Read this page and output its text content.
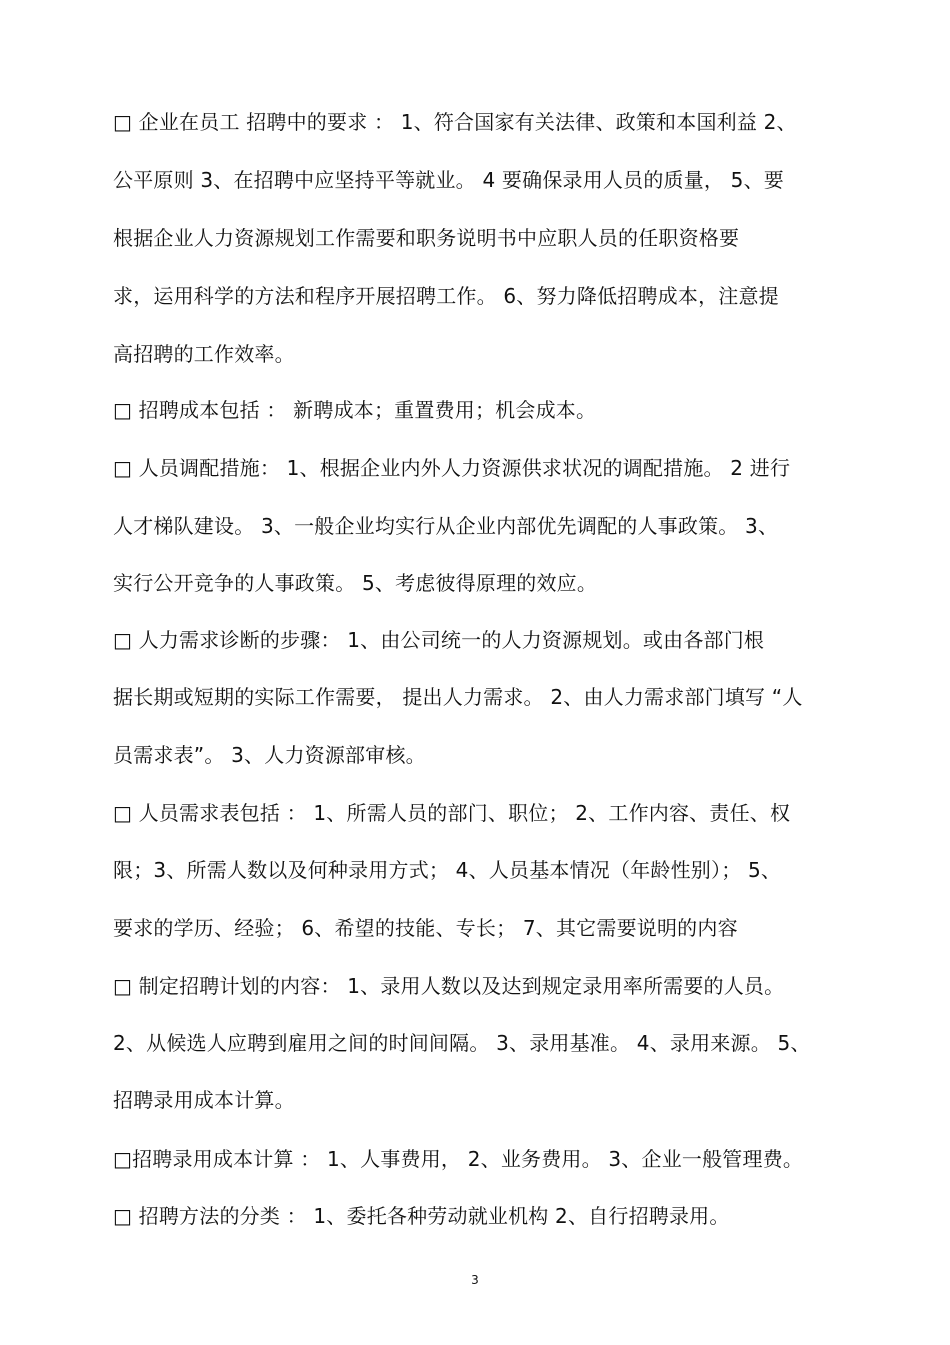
□ 企业在员工 招聘中的要求 ： 1、符合国家有关法律、政策和本国利益 2、
公平原则 3、在招聘中应坚持平等就业。 4 要确保录用人员的质量， 5、要
根据企业人力资源规划工作需要和职务说明书中应职人员的任职资格要
求，运用科学的方法和程序开展招聘工作。 6、努力降低招聘成本，注意提
高招聘的工作效率。
□ 招聘成本包括 ： 新聘成本；重置费用；机会成本。
□ 人员调配措施： 1、根据企业内外人力资源供求状况的调配措施。 2 进行
人才梯队建设。 3、一般企业均实行从企业内部优先调配的人事政策。 3、
实行公开竞争的人事政策。 5、考虑彼得原理的效应。
□ 人力需求诊断的步骤： 1、由公司统一的人力资源规划。或由各部门根
据长期或短期的实际工作需要， 提出人力需求。 2、由人力需求部门填写 “人
员需求表”。 3、人力资源部审核。
□ 人员需求表包括 ： 1、所需人员的部门、职位； 2、工作内容、责任、权
限；3、所需人数以及何种录用方式； 4、人员基本情况（年龄性别）； 5、
要求的学历、经验； 6、希望的技能、专长； 7、其它需要说明的内容
□ 制定招聘计划的内容： 1、录用人数以及达到规定录用率所需要的人员。
2、从候选人应聘到雇用之间的时间间隔。 3、录用基准。 4、录用来源。 5、
招聘录用成本计算。
□招聘录用成本计算 ： 1、人事费用， 2、业务费用。 3、企业一般管理费。
□ 招聘方法的分类 ： 1、委托各种劳动就业机构 2、自行招聘录用。
3
